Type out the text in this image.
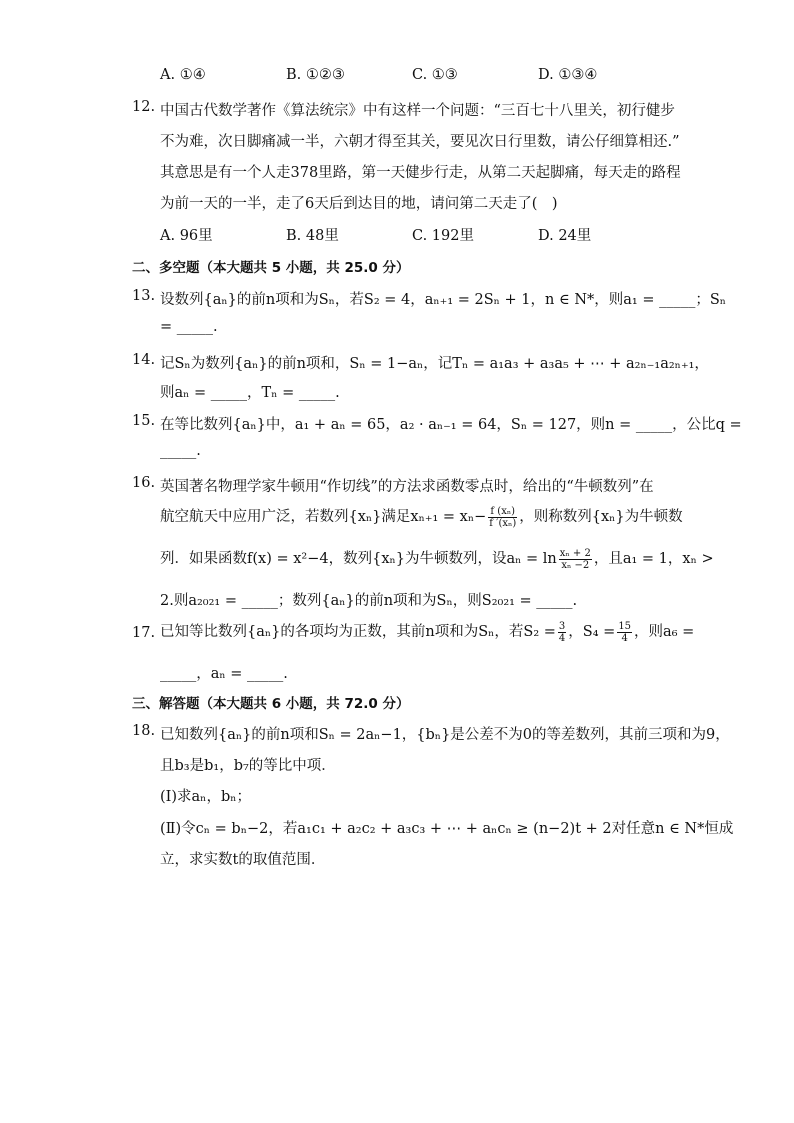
A. ①④	B. ①②③	C. ①③	D. ①③④
12. 中国古代数学著作《算法统宗》中有这样一个问题：“三百七十八里关，初行健步
不为难，次日脚痛减一半，六朝才得至其关，要见次日行里数，请公仔细算相还.”
其意思是有一个人走378里路，第一天健步行走，从第二天起脚痛，每天走的路程
为前一天的一半，走了6天后到达目的地，请问第二天走了(　)
A. 96里	B. 48里	C. 192里	D. 24里
二、多空题（本大题共 5 小题，共 25.0 分）
13. 设数列{aₙ}的前n项和为Sₙ，若S₂ = 4，aₙ₊₁ = 2Sₙ + 1，n ∈ N*，则a₁ = _____；Sₙ
= _____.
14. 记Sₙ为数列{aₙ}的前n项和，Sₙ = 1−aₙ，记Tₙ = a₁a₃ + a₃a₅ + ⋯ + a₂ₙ₋₁a₂ₙ₊₁，
则aₙ = _____，Tₙ = _____.
15. 在等比数列{aₙ}中，a₁ + aₙ = 65，a₂ · aₙ₋₁ = 64，Sₙ = 127，则n = _____，公比q =
_____.
16. 英国著名物理学家牛顿用“作切线”的方法求函数零点时，给出的“牛顿数列”在
航空航天中应用广泛，若数列{xₙ}满足$x_{n+1} = x_n- \frac{\text{f (xₙ)}}{\text{f ′(xₙ)}}$ ，则称数列{xₙ}为牛顿数
列．如果函数f(x) = x²−4，数列{xₙ}为牛顿数列，设$a_n = \ln \frac{\text{xₙ + 2}}{\text{xₙ −2}}$ ，且a₁ = 1，xₙ >
2.则a₂₀₂₁ = _____；数列{aₙ}的前n项和为Sₙ，则S₂₀₂₁ = _____.
17. 已知等比数列{aₙ}的各项均为正数，其前n项和为Sₙ，若$S_2 = \frac{3}{4}$ ，$S_4 = \frac{15}{4}$ ，则a₆ =
_____，aₙ = _____.
三、解答题（本大题共 6 小题，共 72.0 分）
18. 已知数列{aₙ}的前n项和Sₙ = 2aₙ−1，{bₙ}是公差不为0的等差数列，其前三项和为9，
且b₃是b₁，b₇的等比中项．
(Ⅰ)求aₙ，bₙ；
(Ⅱ)令cₙ = bₙ−2，若a₁c₁ + a₂c₂ + a₃c₃ + ⋯ + aₙcₙ ≥ (n−2)t + 2对任意n ∈ N*恒成
立，求实数t的取值范围．
